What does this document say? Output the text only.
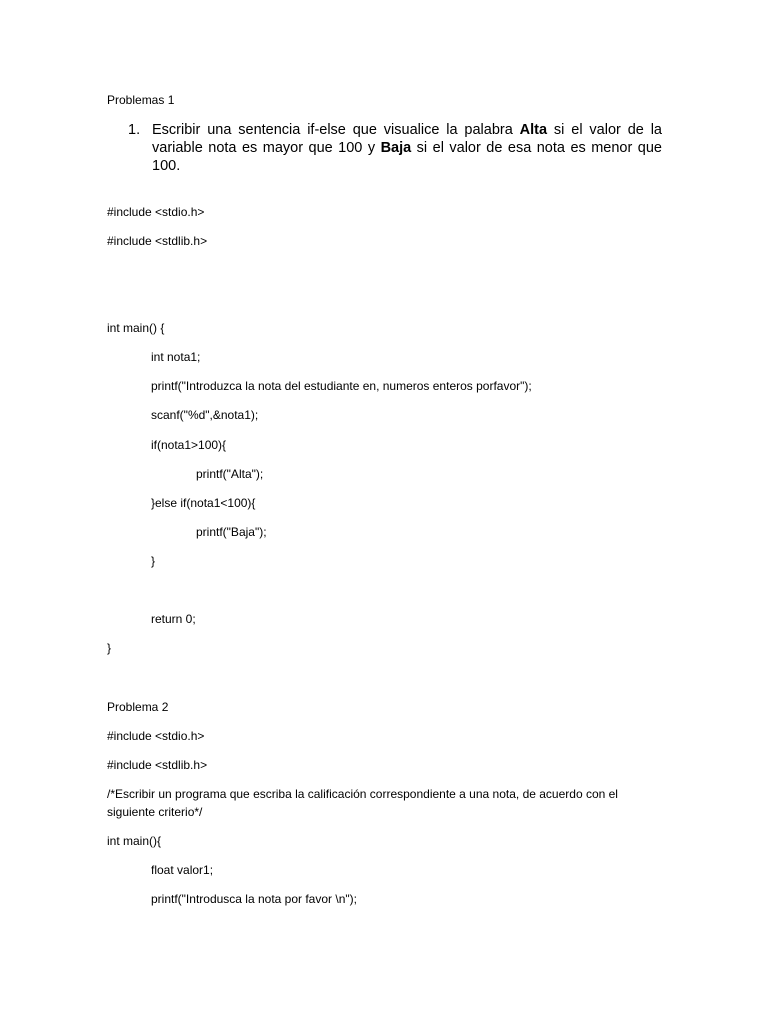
Problemas 1
1. Escribir una sentencia if-else que visualice la palabra Alta si el valor de la variable nota es mayor que 100 y Baja si el valor de esa nota es menor que 100.
#include <stdio.h>
#include <stdlib.h>
int main() {
int nota1;
printf("Introduzca la nota del estudiante en, numeros enteros porfavor");
scanf("%d",&nota1);
if(nota1>100){
printf("Alta");
}else if(nota1<100){
printf("Baja");
}
return 0;
}
Problema 2
#include <stdio.h>
#include <stdlib.h>
/*Escribir un programa que escriba la calificación correspondiente a una nota, de acuerdo con el siguiente criterio*/
int main(){
float valor1;
printf("Introdusca la nota por favor \n");
